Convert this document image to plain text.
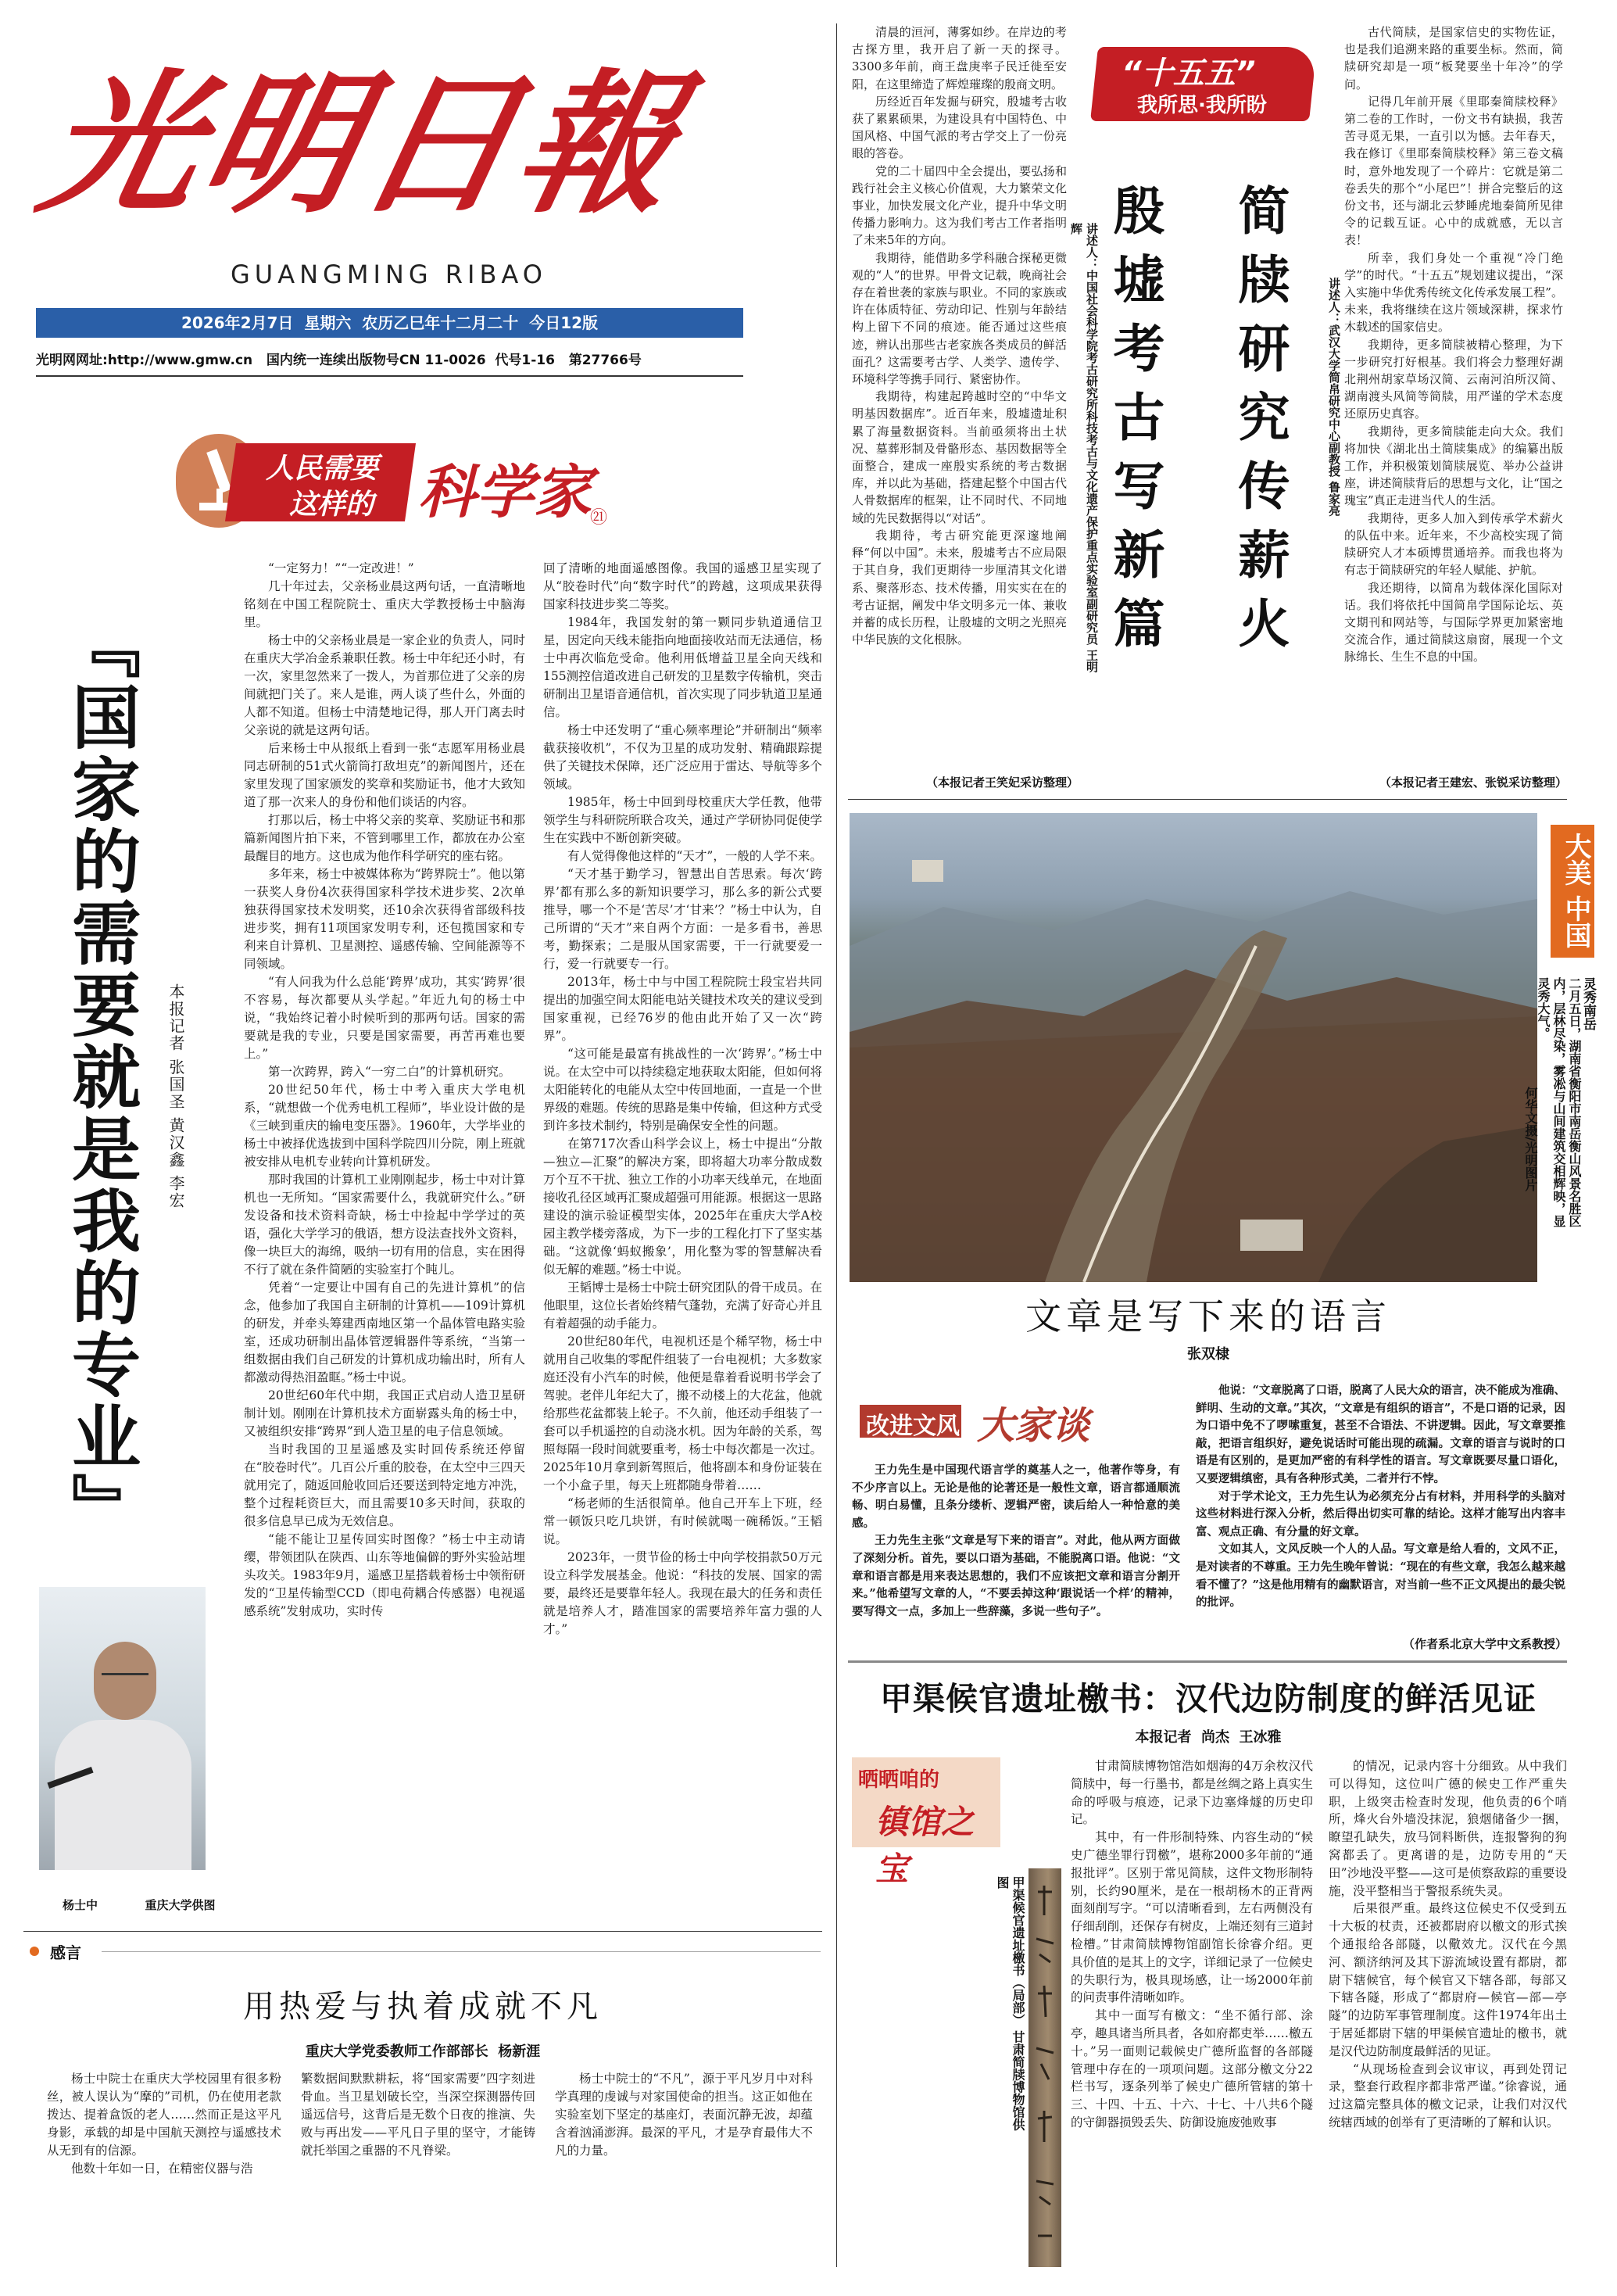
光明日報
GUANGMING RIBAO
2026年2月7日  星期六  农历乙巳年十二月二十  今日12版
光明网网址:http://www.gmw.cn   国内统一连续出版物号CN 11-0026  代号1-16   第27766号
人民需要
这样的 科学家
㉑
『国家的需要就是我的专业』 本报记者 张国圣 黄汉鑫 李宏
杨士中	重庆大学供图

“一定努力！”“一定改进！”

几十年过去，父亲杨业晨这两句话，一直清晰地铭刻在中国工程院院士、重庆大学教授杨士中脑海里。

杨士中的父亲杨业晨是一家企业的负责人，同时在重庆大学冶金系兼职任教。杨士中年纪还小时，有一次，家里忽然来了一拨人，为首那位进了父亲的房间就把门关了。来人是谁，两人谈了些什么，外面的人都不知道。但杨士中清楚地记得，那人开门离去时父亲说的就是这两句话。

后来杨士中从报纸上看到一张“志愿军用杨业晨同志研制的51式火箭筒打敌坦克”的新闻图片，还在家里发现了国家颁发的奖章和奖励证书，他才大致知道了那一次来人的身份和他们谈话的内容。

打那以后，杨士中将父亲的奖章、奖励证书和那篇新闻图片拍下来，不管到哪里工作，都放在办公室最醒目的地方。这也成为他作科学研究的座右铭。

多年来，杨士中被媒体称为“跨界院士”。他以第一获奖人身份4次获得国家科学技术进步奖、2次单独获得国家技术发明奖，还10余次获得省部级科技进步奖，拥有11项国家发明专利，还包揽国家和专利来自计算机、卫星测控、遥感传输、空间能源等不同领域。

“有人问我为什么总能‘跨界’成功，其实‘跨界’很不容易，每次都要从头学起。”年近九旬的杨士中说，“我始终记着小时候听到的那两句话。国家的需要就是我的专业，只要是国家需要，再苦再难也要上。”

第一次跨界，跨入“一穷二白”的计算机研究。

20世纪50年代，杨士中考入重庆大学电机系，“就想做一个优秀电机工程师”，毕业设计做的是《三峡到重庆的输电变压器》。1960年，大学毕业的杨士中被择优选拔到中国科学院四川分院，刚上班就被安排从电机专业转向计算机研发。

那时我国的计算机工业刚刚起步，杨士中对计算机也一无所知。“国家需要什么，我就研究什么。”研发设备和技术资料奇缺，杨士中捡起中学学过的英语，强化大学学习的俄语，想方设法查找外文资料，像一块巨大的海绵，吸纳一切有用的信息，实在困得不行了就在条件简陋的实验室打个盹儿。

凭着“一定要让中国有自己的先进计算机”的信念，他参加了我国自主研制的计算机——109计算机的研发，并牵头筹建西南地区第一个晶体管电路实验室，还成功研制出晶体管逻辑器件等系统，“当第一组数据由我们自己研发的计算机成功输出时，所有人都激动得热泪盈眶。”杨士中说。

20世纪60年代中期，我国正式启动人造卫星研制计划。刚刚在计算机技术方面崭露头角的杨士中，又被组织安排“跨界”到人造卫星的电子信息领域。

当时我国的卫星遥感及实时回传系统还停留在“胶卷时代”。几百公斤重的胶卷，在太空中三四天就用完了，随返回舱收回后还要送到特定地方冲洗，整个过程耗资巨大，而且需要10多天时间，获取的很多信息早已成为无效信息。

“能不能让卫星传回实时图像？”杨士中主动请缨，带领团队在陕西、山东等地偏僻的野外实验站埋头攻关。1983年9月，遥感卫星搭载着杨士中领衔研发的“卫星传输型CCD（即电荷耦合传感器）电视遥感系统”发射成功，实时传

回了清晰的地面遥感图像。我国的遥感卫星实现了从“胶卷时代”向“数字时代”的跨越，这项成果获得国家科技进步奖二等奖。

1984年，我国发射的第一颗同步轨道通信卫星，因定向天线未能指向地面接收站而无法通信，杨士中再次临危受命。他利用低增益卫星全向天线和155测控信道改进自己研发的卫星数字传输机，突击研制出卫星语音通信机，首次实现了同步轨道卫星通信。

杨士中还发明了“重心频率理论”并研制出“频率截获接收机”，不仅为卫星的成功发射、精确跟踪提供了关键技术保障，还广泛应用于雷达、导航等多个领域。

1985年，杨士中回到母校重庆大学任教，他带领学生与科研院所联合攻关，通过产学研协同促使学生在实践中不断创新突破。

有人觉得像他这样的“天才”，一般的人学不来。

“天才基于勤学习，智慧出自苦思索。每次‘跨界’都有那么多的新知识要学习，那么多的新公式要推导，哪一个不是‘苦尽’才‘甘来’？”杨士中认为，自己所谓的“天才”来自两个方面：一是多看书，善思考，勤探索；二是服从国家需要，干一行就要爱一行，爱一行就要专一行。

2013年，杨士中与中国工程院院士段宝岩共同提出的加强空间太阳能电站关键技术攻关的建议受到国家重视，已经76岁的他由此开始了又一次“跨界”。

“这可能是最富有挑战性的一次‘跨界’。”杨士中说。在太空中可以持续稳定地获取太阳能，但如何将太阳能转化的电能从太空中传回地面，一直是一个世界级的难题。传统的思路是集中传输，但这种方式受到许多技术制约，特别是确保安全性的问题。

在第717次香山科学会议上，杨士中提出“分散—独立—汇聚”的解决方案，即将超大功率分散成数万个互不干扰、独立工作的小功率天线单元，在地面接收孔径区域再汇聚成超强可用能源。根据这一思路建设的演示验证模型实体，2025年在重庆大学A校园主教学楼旁落成，为下一步的工程化打下了坚实基础。“这就像‘蚂蚁搬象’，用化整为零的智慧解决看似无解的难题。”杨士中说。

王韬博士是杨士中院士研究团队的骨干成员。在他眼里，这位长者始终精气蓬勃，充满了好奇心并且有着超强的动手能力。

20世纪80年代，电视机还是个稀罕物，杨士中就用自己收集的零配件组装了一台电视机；大多数家庭还没有小汽车的时候，他便是靠着看说明书学会了驾驶。老伴儿年纪大了，搬不动楼上的大花盆，他就给那些花盆都装上轮子。不久前，他还动手组装了一套可以手机遥控的自动浇水机。因为年龄的关系，驾照每隔一段时间就要重考，杨士中每次都是一次过。2025年10月拿到新驾照后，他将副本和身份证装在一个小盒子里，每天上班都随身带着……

“杨老师的生活很简单。他自己开车上下班，经常一顿饭只吃几块饼，有时候就喝一碗稀饭。”王韬说。

2023年，一贯节俭的杨士中向学校捐款50万元设立科学发展基金。他说：“科技的发展、国家的需要，最终还是要靠年轻人。我现在最大的任务和责任就是培养人才，踏准国家的需要培养年富力强的人才。”

感言
用热爱与执着成就不凡
重庆大学党委教师工作部部长  杨新涯

杨士中院士在重庆大学校园里有很多粉丝，被人误认为“摩的”司机，仍在使用老款拨达、提着盒饭的老人……然而正是这平凡身影，承载的却是中国航天测控与遥感技术从无到有的信源。

他数十年如一日，在精密仪器与浩

繁数据间默默耕耘，将“国家需要”四字刻进骨血。当卫星划破长空，当深空探测器传回遥远信号，这背后是无数个日夜的推演、失败与再出发——平凡日子里的坚守，才能铸就托举国之重器的不凡脊梁。

杨士中院士的“不凡”，源于平凡岁月中对科学真理的虔诚与对家国使命的担当。这正如他在实验室划下坚定的基座灯，表面沉静无波，却蕴含着汹涌澎湃。最深的平凡，才是孕育最伟大不凡的力量。

清晨的洹河，薄雾如纱。在岸边的考古探方里，我开启了新一天的探寻。3300多年前，商王盘庚率子民迁徙至安阳，在这里缔造了辉煌璀璨的殷商文明。

历经近百年发掘与研究，殷墟考古收获了累累硕果，为建设具有中国特色、中国风格、中国气派的考古学交上了一份亮眼的答卷。

党的二十届四中全会提出，要弘扬和践行社会主义核心价值观，大力繁荣文化事业，加快发展文化产业，提升中华文明传播力影响力。这为我们考古工作者指明了未来5年的方向。

我期待，能借助多学科融合探秘更微观的“人”的世界。甲骨文记载，晚商社会存在着世袭的家族与职业。不同的家族或许在体质特征、劳动印记、性别与年龄结构上留下不同的痕迹。能否通过这些痕迹，辨认出那些古老家族各类成员的鲜活面孔？这需要考古学、人类学、遗传学、环境科学等携手同行、紧密协作。

我期待，构建起跨越时空的“中华文明基因数据库”。近百年来，殷墟遗址积累了海量数据资料。当前亟须将出土状况、墓葬形制及骨骼形态、基因数据等全面整合，建成一座殷实系统的考古数据库，并以此为基础，搭建起整个中国古代人骨数据库的框架，让不同时代、不同地域的先民数据得以“对话”。

我期待，考古研究能更深邃地阐释“何以中国”。未来，殷墟考古不应局限于其自身，我们更期待一步厘清其文化谱系、聚落形态、技术传播，用实实在在的考古证据，阐发中华文明多元一体、兼收并蓄的成长历程，让殷墟的文明之光照亮中华民族的文化根脉。

“十五五”
我所思·我所盼
殷墟考古写新篇
讲述人：中国社会科学院考古研究所科技考古与文化遗产保护重点实验室副研究员 王明辉	简牍研究传薪火	讲述人：武汉大学简帛研究中心副教授 鲁家亮

古代简牍，是国家信史的实物佐证，也是我们追溯来路的重要坐标。然而，简牍研究却是一项“板凳要坐十年冷”的学问。

记得几年前开展《里耶秦简牍校释》第二卷的工作时，一份文书有缺损，我苦苦寻觅无果，一直引以为憾。去年春天，我在修订《里耶秦简牍校释》第三卷文稿时，意外地发现了一个碎片：它就是第二卷丢失的那个“小尾巴”！拼合完整后的这份文书，还与湖北云梦睡虎地秦简所见律令的记载互证。心中的成就感，无以言表！

所幸，我们身处一个重视“冷门绝学”的时代。“十五五”规划建议提出，“深入实施中华优秀传统文化传承发展工程”。未来，我将继续在这片领域深耕，探求竹木载述的国家信史。

我期待，更多简牍被精心整理，为下一步研究打好根基。我们将会力整理好湖北荆州胡家草场汉简、云南河泊所汉简、湖南渡头风简等简牍，用严谨的学术态度还原历史真容。

我期待，更多简牍能走向大众。我们将加快《湖北出土简牍集成》的编纂出版工作，并积极策划简牍展览、举办公益讲座，讲述简牍背后的思想与文化，让“国之瑰宝”真正走进当代人的生活。

我期待，更多人加入到传承学术薪火的队伍中来。近年来，不少高校实现了简牍研究人才本硕博贯通培养。而我也将为有志于简牍研究的年轻人赋能、护航。

我还期待，以简帛为载体深化国际对话。我们将依托中国简帛学国际论坛、英文期刊和网站等，与国际学界更加紧密地交流合作，通过简牍这扇窗，展现一个文脉绵长、生生不息的中国。

（本报记者王笑妃采访整理）	（本报记者王建宏、张锐采访整理）
大美
中国
灵秀南岳
二月五日，湖南省衡阳市南岳衡山风景名胜区内，层林尽染，雾凇与山间建筑交相辉映，显灵秀大气。
何华文摄/光明图片
文章是写下来的语言
张双棣
改进文风 大家谈

王力先生是中国现代语言学的奠基人之一，他著作等身，有不少序言以上。无论是他的论著还是一般性文章，语言都通顺流畅、明白易懂，且条分缕析、逻辑严密，读后给人一种恰意的美感。

王力先生主张“文章是写下来的语言”。对此，他从两方面做了深刻分析。首先，要以口语为基础，不能脱离口语。他说：“文章和语言都是用来表达思想的，我们不应该把文章和语言分割开来。”他希望写文章的人，“不要丢掉这种‘跟说话一个样’的精神，要写得文一点，多加上一些辞藻，多说一些句子”。

他说：“文章脱离了口语，脱离了人民大众的语言，决不能成为准确、鲜明、生动的文章。”其次，“文章是有组织的语言”，不是口语的记录，因为口语中免不了啰嗦重复，甚至不合语法、不讲逻辑。因此，写文章要推敲，把语言组织好，避免说话时可能出现的疏漏。文章的语言与说时的口语是有区别的，是更加严密的有科学性的语言。写文章既要尽量口语化，又要逻辑缜密，具有各种形式美，二者并行不悖。

对于学术论文，王力先生认为必须充分占有材料，并用科学的头脑对这些材料进行深入分析，然后得出切实可靠的结论。这样才能写出内容丰富、观点正确、有分量的好文章。

文如其人，文风反映一个人的人品。写文章是给人看的，文风不正，是对读者的不尊重。王力先生晚年曾说：“现在的有些文章，我怎么越来越看不懂了？”这是他用精有的幽默语言，对当前一些不正文风提出的最尖锐的批评。

（作者系北京大学中文系教授）
甲渠候官遗址檄书：汉代边防制度的鲜活见证
本报记者  尚杰  王冰雅
晒晒咱的
镇馆之宝
甲渠候官遗址檄书（局部） 甘肃简牍博物馆供图

甘肃简牍博物馆浩如烟海的4万余枚汉代简牍中，每一行墨书，都是丝绸之路上真实生命的呼吸与痕迹，记录下边塞烽燧的历史印记。

其中，有一件形制特殊、内容生动的“候史广德坐罪行罚檄”，堪称2000多年前的“通报批评”。区别于常见简牍，这件文物形制特别，长约90厘米，是在一根胡杨木的正背两面刻削写字。“可以清晰看到，左右两侧没有仔细刮削，还保存有树皮，上端还刻有三道封检槽。”甘肃简牍博物馆副馆长徐睿介绍。更具价值的是其上的文字，详细记录了一位候史的失职行为，极具现场感，让一场2000年前的问责事件清晰如昨。

其中一面写有檄文：“坐不循行部、涂亭，趣具诸当所具者，各如府都吏举……檄五十。”另一面则记载候史广德所监督的各部隧管理中存在的一项项问题。这部分檄文分22栏书写，逐条列举了候史广德所管辖的第十三、十四、十五、十六、十七、十八共6个隧的守御器损毁丢失、防御设施废弛败事

的情况，记录内容十分细致。从中我们可以得知，这位叫广德的候史工作严重失职，上级突击检查时发现，他负责的6个哨所，烽火台外墙没抹泥，狼烟储备少一捆，瞭望孔缺失，放马饲料断供，连报警狗的狗窝都丢了。更离谱的是，边防专用的“天田”沙地没平整——这可是侦察敌踪的重要设施，没平整相当于警报系统失灵。

后果很严重。最终这位候史不仅受到五十大板的杖责，还被都尉府以檄文的形式挨个通报给各部隧，以儆效尤。汉代在今黑河、额济纳河及其下游流域设置有都尉，都尉下辖候官，每个候官又下辖各部，每部又下辖各隧，形成了“都尉府—候官—部—亭隧”的边防军事管理制度。这件1974年出土于居延都尉下辖的甲渠候官遗址的檄书，就是汉代边防制度最鲜活的见证。

“从现场检查到会议审议，再到处罚记录，整套行政程序都非常严谨。”徐睿说，通过这篇完整具体的檄文记录，让我们对汉代统辖西域的创举有了更清晰的了解和认识。
